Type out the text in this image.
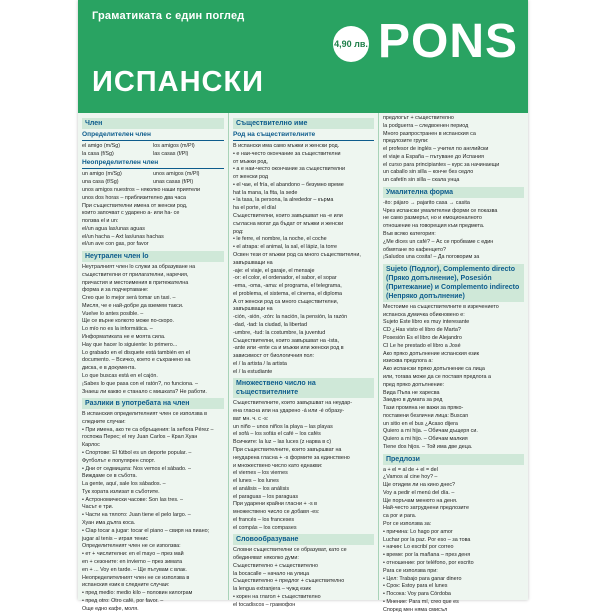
Граматиката с един поглед
4,90 лв. PONS
ИСПАНСКИ
Член
Определителен член
el amigo (m/Sg)	los amigos (m/Pl)
la casa (f/Sg)	las casas (f/Pl)
Неопределителен член
un amigo (m/Sg)	unos amigos (m/Pl)
una casa (f/Sg)	unas casas (f/Pl)
unos amigos nuestros – няколко наши приятели
unos dos horas – приблизително два часа
При съществителни имена от женски род,
които започват с ударено a- или ha- се
ползва el и un:
el/un agua las/unas aguas
el/un hacha – Axt las/unas hachas
el/un ave con gas, por favor
Неутрален член lo
Неутралният член lo служи за образуване на
съществителни от прилагателни, наречия,
причастия и местоимения в притежателна
форма и за подчертаване:
Creo que lo mejor será tomar un taxi. –
Мисля, че е най-добре да вземем такси.
Vuelve lo antes posible. –
Ще се върне колкото може по-скоро.
Lo mío no es la informática. –
Информатиката не е моята сила.
Hay que hacer lo siguiente: lo primero...
Lo grabado en el disquete está también en el
documento. – Всичко, което е съхранено на
диска, е в документа.
Lo que buscas está en el cajón.
¡Sabes lo que pasa con el ratón?, no funciona. –
Знаеш ли какво е станало с мишката? Не работи.
Разлики в употребата на член
В испанския определителният член се използва в
следните случаи:
• При имена, ако те са обръщения: la señora Pérez –
госпожа Перес; el rey Juan Carlos – Крал Хуан
Карлос
• Спортове: El fútbol es un deporte popular. –
Футболът е популярен спорт.
• Дни от седмицата: Nos vemos el sábado. –
Виждаме се в събота.
La gente, aquí, sale los sábados. –
Тук хората излизат в съботите.
• Астрономически часове: Son las tres. –
Часът е три.
• Части на тялото: Juan tiene el pelo largo. –
Хуан има дълга коса.
• Clap tocar a jugar: tocar el piano – свиря на пиано;
jugar al tenis – играя тенис
Определителният член не се използва:
• ет + числителни: en el mayo – през май
en + сезоните: en invierno – през зимата
en + ... Voy en tarde. – Ще пътувам с влак.
Неопределителният член не се използва в
испанския език в следните случаи:
• пред medio: medio kilo – половин килограм
• пред otro: Otro café, por favor. –
Още едно кафе, моля.
Съществително име
Род на съществителните
В испански има само мъжки и женски род.
• е наи-често окончание за съществителни
от мъжки род,
• a е наи-често окончание за съществителни
от женски род
• el чае, el fría, el abandono – безумно време
hat la mana, la fita, la sede
• la tasa, la persona, la alrededor – кърма
ha el porte, el díal
Съществителни, които завършват на -e или
съгласна могат да бъдат от мъжки и женски
род:
• le ferre, el nombre, la noche, el coche
• el atrapa: el animal, la sal, el lápiz, la torre
Освен тези от мъжки род са много съществителни,
завършващи на
-aje: el viaje, el garaje, el mensaje
-or: el color, el ordenador, el sabor, el sopar
-ema, -oma, -ama: el programa, el telegrama,
el problema, el sistema, el cinema, el diploma
А от женски род са много съществителни,
завършващи на
-ción, -sión, -zón: la nación, la pensión, la razón
-dad, -tad: la ciudad, la libertad
-umbre, -tud: la costumbre, la juventud
Съществителни, които завършват на -ista,
-ante или -ente са и мъжки или женски род в
зависимост от биологичния пол:
el / la artista / la artista
el / la estudiante
Множествено число на съществителните
Съществителните, които завършват на неудар-
ена гласна или на ударено -á или -é образу-
ват мн. ч. с -s:
un niño – unos niños la playa – las playas
el sofá – los sofás el café – los cafés
Всичките: la luz – las luces (z нарва в c)
При съществителните, които завършват на
неударена гласна + -s формите за единствено
и множествено число като еднакви:
el viernes – los viernes
el lunes – los lunes
el análisis – los análisis
el paraguas – los paraguas
При ударени крайни гласни + -s в
множествено число се добавя -es:
el francés – los franceses
el compás – los compases
Словообразуване
Словни съществителни се образуват, като се
обединяват няколко думи:
Съществително + съществително
la bocacalle – начало на улица
Съществително + предлог + съществително
la lengua extranjera – чужд език
• корен на глагол + съществително
el tocadiscos – грамофон
предлогът + съществително
la podguerra – следвоенен период
Много разпространен в испанския са
предлозите групи:
el profesor de inglés – учител по английски
el viaje a España – пътуване до Испания
el curso para principiantes – курс за начинаещи
un caballo sin silla – конче без седло
un cafetín sin silla – скала унца
Умалителна форма
-ito: pájaro → pajarito casa → casita
Чрез испански умалителни форми се показва
не само размерът, но и емоционалното
отношение на говорещия към предмета.
Във всяко категория:
¿Me dices un café? – Ас се пробваме с един
обмятане по кафенцето?
¡Saludos una cosita! – Да поговорим за
Sujeto (Подлог), Complemento directo (Пряко допълнение), Posesión (Притежание) и Complemento indirecto (Непряко допълнение)
Местоиме на съществителните в изречението
испанска думичка обикновено е:
Sujeto Este libro es muy interesante
CD ¿Has visto el libro de Marta?
Posesión Es el libro de Alejandro
CI Le he prestado el libro a José
Ако пряко допълнение испанския език
изисква предлога a:
Ако испански пряко допълнение са лица
или, тогава може да се поставя предлога a
пред пряко допълнение:
Вида Пъпа не харесва
Заедно в думата за ред
Тази промяна не важи за пряко-
поставени безлични лица: Buscan
un sitio en el bus ¿Acaso dijera
Quiero a mi hija. – Обичам дъщеря си.
Quiero a mi hijo. – Обичам малкия
Tiene dos hijos. – Той има две деца.
Предлози
a + el = al de + el = del
¿Vamos al cine hoy? –
Ще отидем ли на кино днес?
Voy a pedir el menú del día. –
Ще поръчам менюто на деня.
Най-често затруднени предлозите
са por и para.
Por се използва за:
• причина: Lo hago por amor
Luchar por la paz. Por eso – за това
• начин: Lo escribí por correo
• време: por la mañana – през деня
• отношение: por teléfono, por escrito
Para се използва при:
• Цел: Trabajo para ganar dinero
• Срок: Estoy para el lunes
• Посока: Voy para Córdoba
• Мнение: Para mí, creo que es
Според мен няма смисъл
